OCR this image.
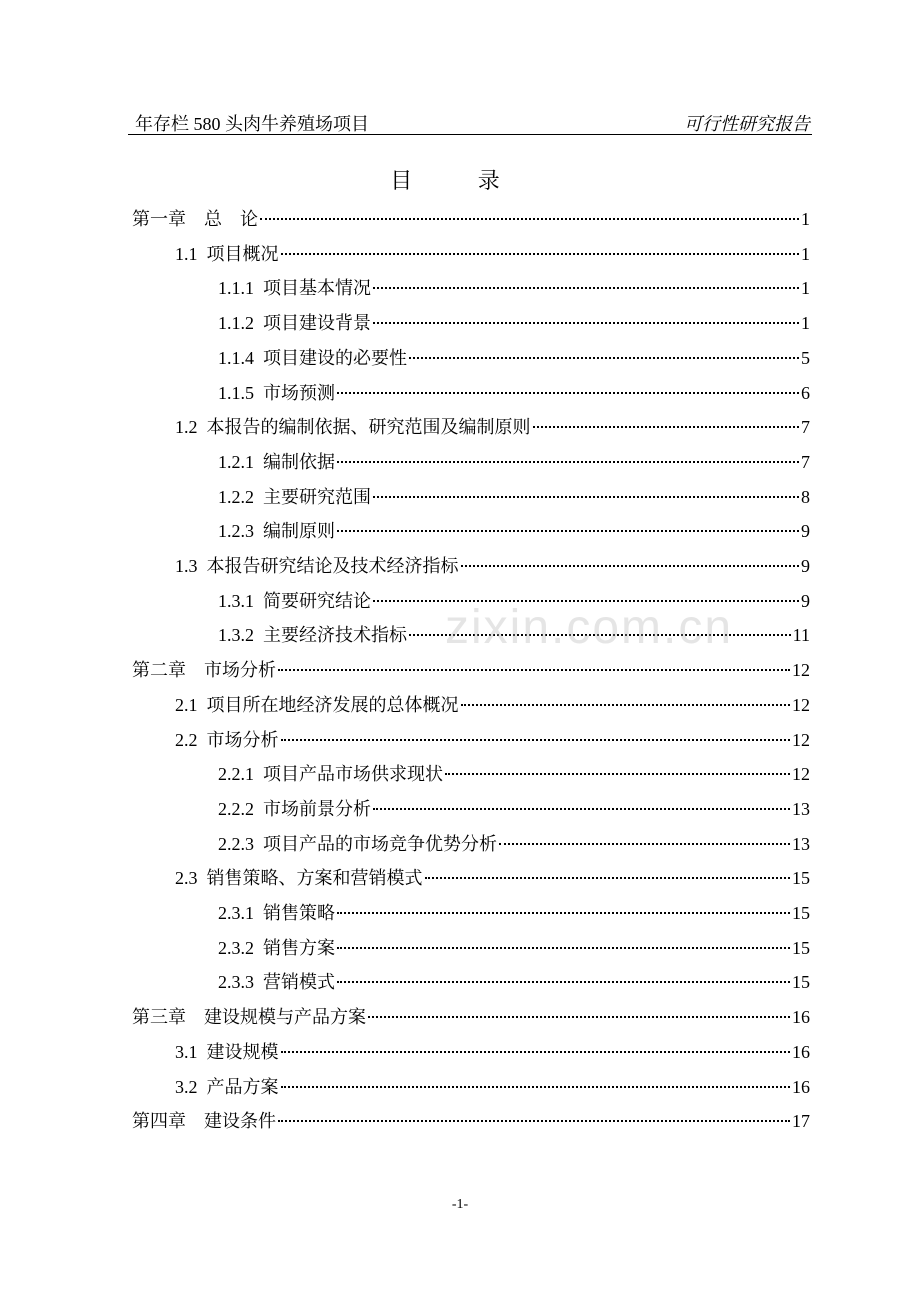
年存栏 580 头肉牛养殖场项目	可行性研究报告
目 录
第一章    总    论	1
1.1  项目概况	1
1.1.1  项目基本情况	1
1.1.2  项目建设背景	1
1.1.4  项目建设的必要性	5
1.1.5  市场预测	6
1.2  本报告的编制依据、研究范围及编制原则	7
1.2.1  编制依据	7
1.2.2  主要研究范围	8
1.2.3  编制原则	9
1.3  本报告研究结论及技术经济指标	9
1.3.1  简要研究结论	9
1.3.2  主要经济技术指标	11
第二章    市场分析	12
2.1  项目所在地经济发展的总体概况	12
2.2  市场分析	12
2.2.1  项目产品市场供求现状	12
2.2.2  市场前景分析	13
2.2.3  项目产品的市场竞争优势分析	13
2.3  销售策略、方案和营销模式	15
2.3.1  销售策略	15
2.3.2  销售方案	15
2.3.3  营销模式	15
第三章    建设规模与产品方案	16
3.1  建设规模	16
3.2  产品方案	16
第四章    建设条件	17
zixin.com.cn
-1-
